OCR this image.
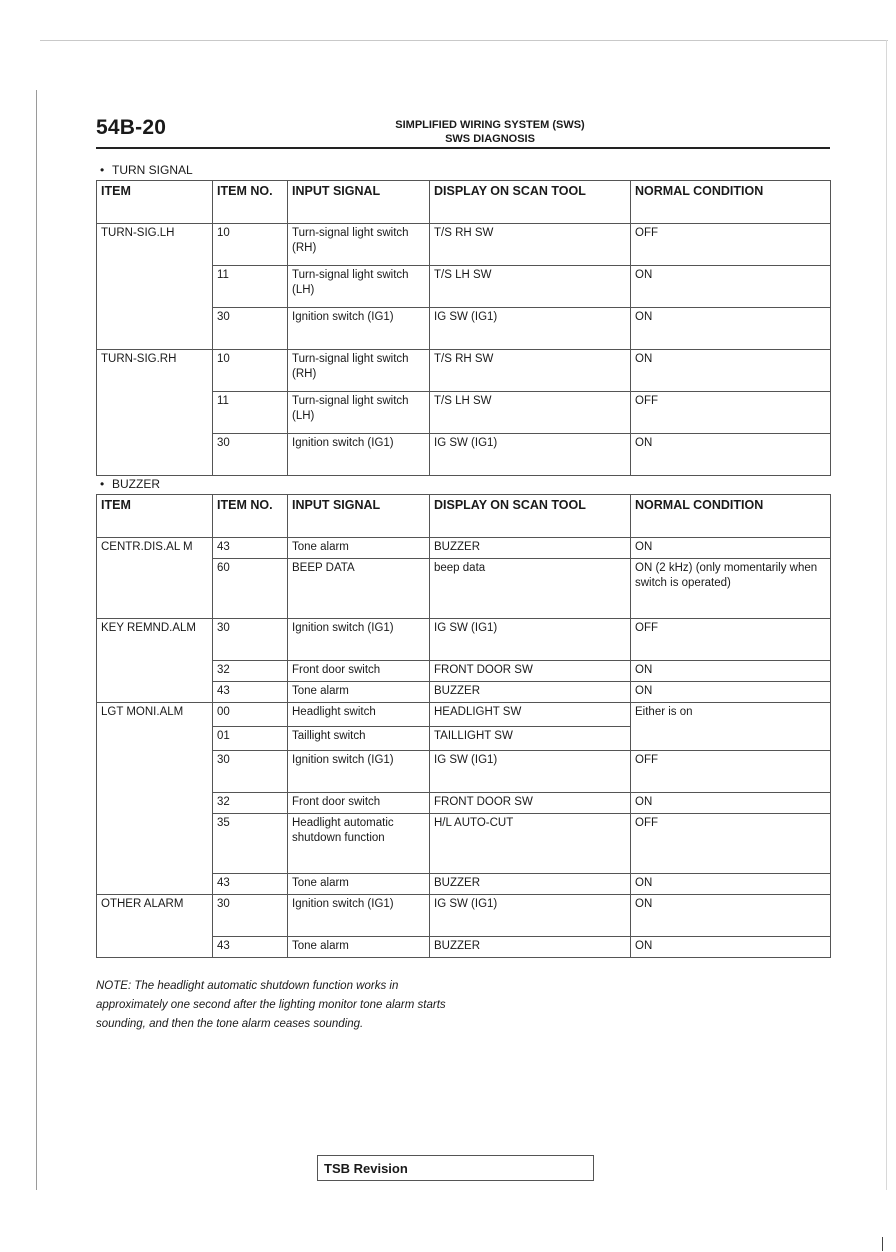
54B-20	SIMPLIFIED WIRING SYSTEM (SWS)
SWS DIAGNOSIS
• TURN SIGNAL
ITEM	ITEM NO.	INPUT SIGNAL	DISPLAY ON SCAN TOOL	NORMAL CONDITION
TURN-SIG.LH	10	Turn-signal light switch (RH)	T/S RH SW	OFF
	11	Turn-signal light switch (LH)	T/S LH SW	ON
	30	Ignition switch (IG1)	IG SW (IG1)	ON
TURN-SIG.RH	10	Turn-signal light switch (RH)	T/S RH SW	ON
	11	Turn-signal light switch (LH)	T/S LH SW	OFF
	30	Ignition switch (IG1)	IG SW (IG1)	ON
• BUZZER
ITEM	ITEM NO.	INPUT SIGNAL	DISPLAY ON SCAN TOOL	NORMAL CONDITION
CENTR.DIS.AL M	43	Tone alarm	BUZZER	ON
	60	BEEP DATA	beep data	ON (2 kHz) (only momentarily when switch is operated)
KEY REMND.ALM	30	Ignition switch (IG1)	IG SW (IG1)	OFF
	32	Front door switch	FRONT DOOR SW	ON
	43	Tone alarm	BUZZER	ON
LGT MONI.ALM	00	Headlight switch	HEADLIGHT SW	Either is on
	01	Taillight switch	TAILLIGHT SW	
	30	Ignition switch (IG1)	IG SW (IG1)	OFF
	32	Front door switch	FRONT DOOR SW	ON
	35	Headlight automatic shutdown function	H/L AUTO-CUT	OFF
	43	Tone alarm	BUZZER	ON
OTHER ALARM	30	Ignition switch (IG1)	IG SW (IG1)	ON
	43	Tone alarm	BUZZER	ON
NOTE: The headlight automatic shutdown function works in approximately one second after the lighting monitor tone alarm starts sounding, and then the tone alarm ceases sounding.
TSB Revision
